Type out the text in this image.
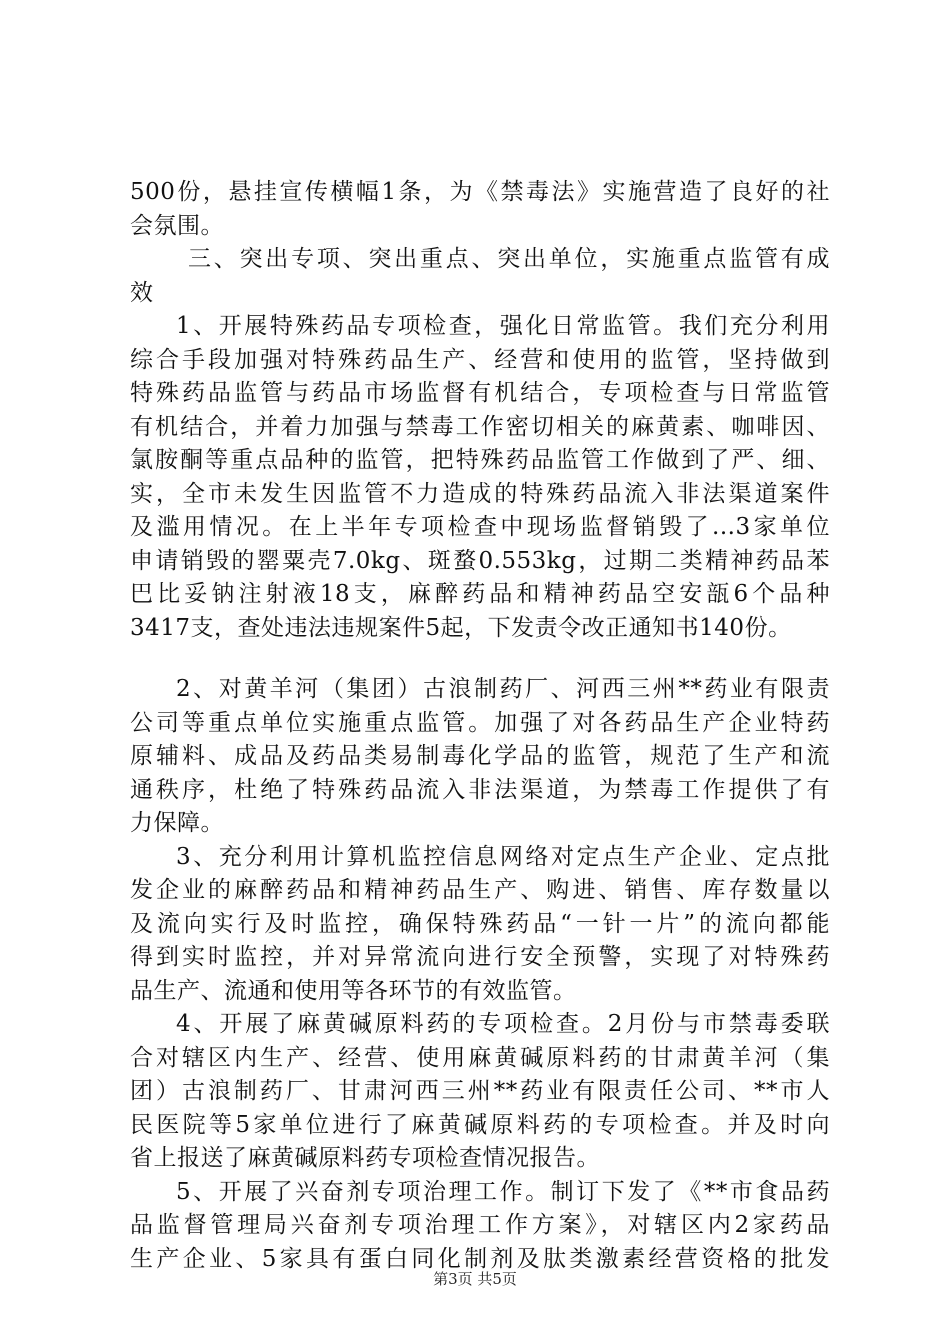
500份，悬挂宣传横幅1条，为《禁毒法》实施营造了良好的社
会氛围。
三、突出专项、突出重点、突出单位，实施重点监管有成
效
1、开展特殊药品专项检查，强化日常监管。我们充分利用
综合手段加强对特殊药品生产、经营和使用的监管，坚持做到
特殊药品监管与药品市场监督有机结合，专项检查与日常监管
有机结合，并着力加强与禁毒工作密切相关的麻黄素、咖啡因、
氯胺酮等重点品种的监管，把特殊药品监管工作做到了严、细、
实，全市未发生因监管不力造成的特殊药品流入非法渠道案件
及滥用情况。在上半年专项检查中现场监督销毁了...3家单位
申请销毁的罂粟壳7.0kg、斑蝥0.553kg，过期二类精神药品苯
巴比妥钠注射液18支，麻醉药品和精神药品空安瓿6个品种
3417支，查处违法违规案件5起，下发责令改正通知书140份。
2、对黄羊河（集团）古浪制药厂、河西三州**药业有限责
公司等重点单位实施重点监管。加强了对各药品生产企业特药
原辅料、成品及药品类易制毒化学品的监管，规范了生产和流
通秩序，杜绝了特殊药品流入非法渠道，为禁毒工作提供了有
力保障。
3、充分利用计算机监控信息网络对定点生产企业、定点批
发企业的麻醉药品和精神药品生产、购进、销售、库存数量以
及流向实行及时监控，确保特殊药品“一针一片”的流向都能
得到实时监控，并对异常流向进行安全预警，实现了对特殊药
品生产、流通和使用等各环节的有效监管。
4、开展了麻黄碱原料药的专项检查。2月份与市禁毒委联
合对辖区内生产、经营、使用麻黄碱原料药的甘肃黄羊河（集
团）古浪制药厂、甘肃河西三州**药业有限责任公司、**市人
民医院等5家单位进行了麻黄碱原料药的专项检查。并及时向
省上报送了麻黄碱原料药专项检查情况报告。
5、开展了兴奋剂专项治理工作。制订下发了《**市食品药
品监督管理局兴奋剂专项治理工作方案》，对辖区内2家药品
生产企业、5家具有蛋白同化制剂及肽类激素经营资格的批发
第3页 共5页
